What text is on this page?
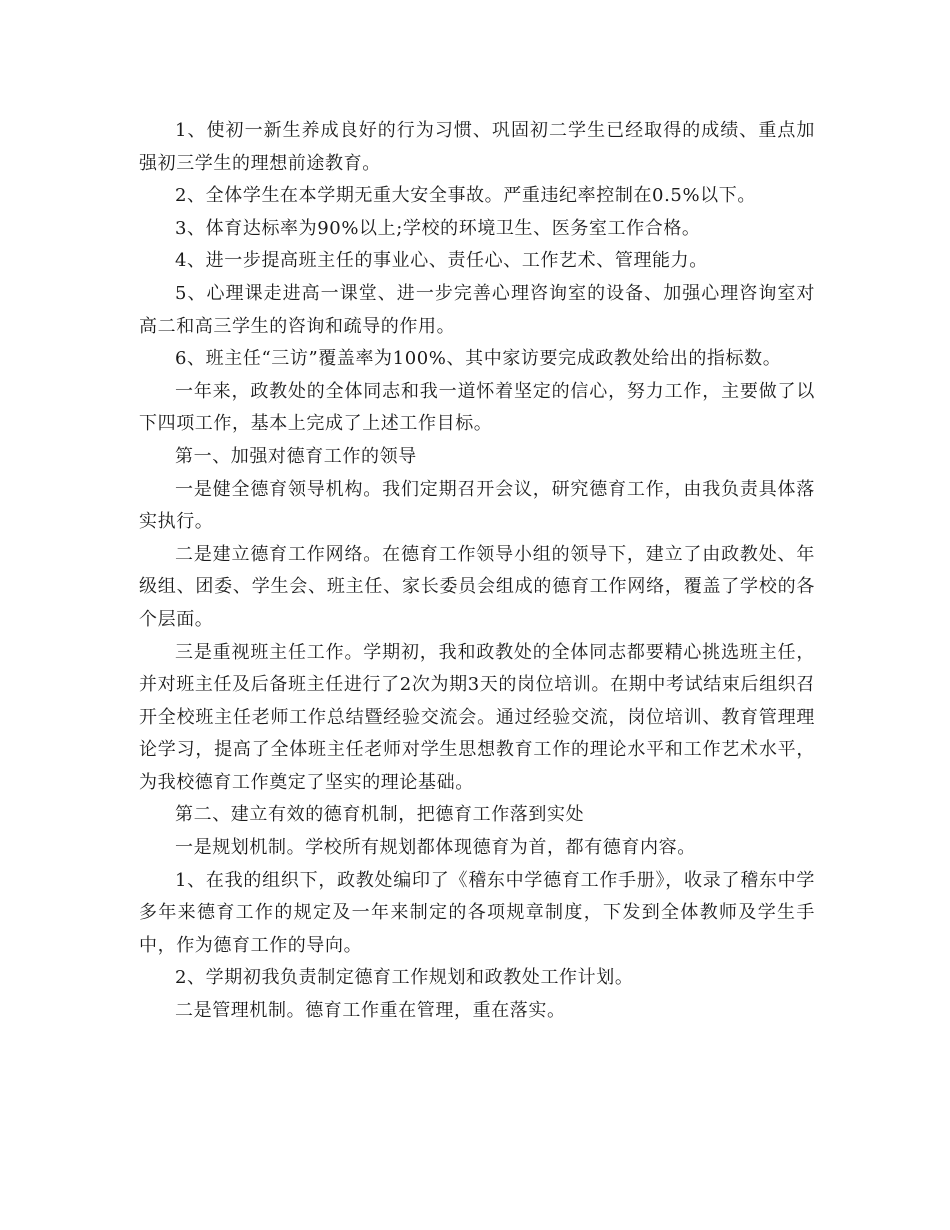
1、使初一新生养成良好的行为习惯、巩固初二学生已经取得的成绩、重点加强初三学生的理想前途教育。

2、全体学生在本学期无重大安全事故。严重违纪率控制在0.5%以下。

3、体育达标率为90%以上;学校的环境卫生、医务室工作合格。

4、进一步提高班主任的事业心、责任心、工作艺术、管理能力。

5、心理课走进高一课堂、进一步完善心理咨询室的设备、加强心理咨询室对高二和高三学生的咨询和疏导的作用。

6、班主任“三访”覆盖率为100%、其中家访要完成政教处给出的指标数。

一年来，政教处的全体同志和我一道怀着坚定的信心，努力工作，主要做了以下四项工作，基本上完成了上述工作目标。

第一、加强对德育工作的领导

一是健全德育领导机构。我们定期召开会议，研究德育工作，由我负责具体落实执行。

二是建立德育工作网络。在德育工作领导小组的领导下，建立了由政教处、年级组、团委、学生会、班主任、家长委员会组成的德育工作网络，覆盖了学校的各个层面。

三是重视班主任工作。学期初，我和政教处的全体同志都要精心挑选班主任，并对班主任及后备班主任进行了2次为期3天的岗位培训。在期中考试结束后组织召开全校班主任老师工作总结暨经验交流会。通过经验交流，岗位培训、教育管理理论学习，提高了全体班主任老师对学生思想教育工作的理论水平和工作艺术水平，为我校德育工作奠定了坚实的理论基础。

第二、建立有效的德育机制，把德育工作落到实处

一是规划机制。学校所有规划都体现德育为首，都有德育内容。

1、在我的组织下，政教处编印了《稽东中学德育工作手册》，收录了稽东中学多年来德育工作的规定及一年来制定的各项规章制度，下发到全体教师及学生手中，作为德育工作的导向。

2、学期初我负责制定德育工作规划和政教处工作计划。

二是管理机制。德育工作重在管理，重在落实。
